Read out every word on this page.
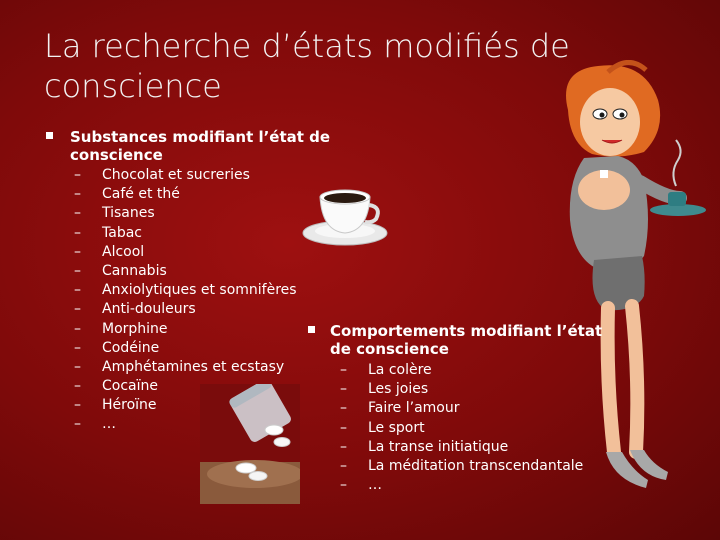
La recherche d’états modifiés de conscience
Substances modifiant l’état de conscience
– Chocolat et sucreries
– Café et thé
– Tisanes
– Tabac
– Alcool
– Cannabis
– Anxiolytiques et somnifères
– Anti-douleurs
– Morphine
– Codéine
– Amphétamines et ecstasy
– Cocaïne
– Héroïne
– …
Comportements modifiant l’état de conscience
– La colère
– Les joies
– Faire l’amour
– Le sport
– La transe initiatique
– La méditation transcendantale
– …
